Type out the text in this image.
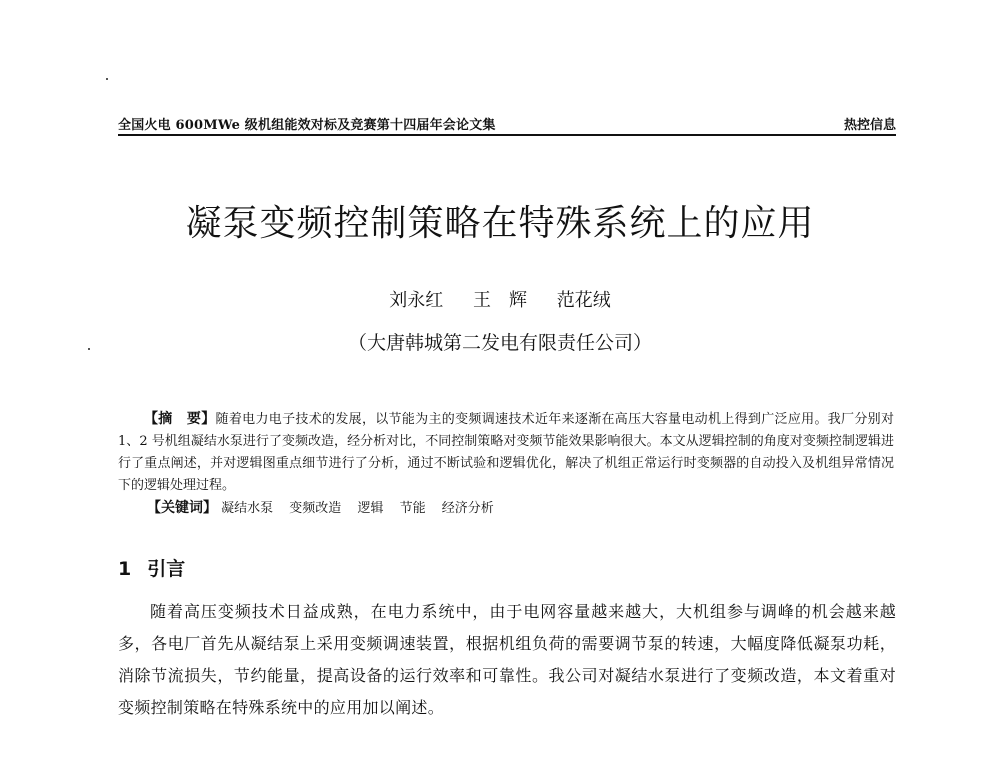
全国火电 600MWe 级机组能效对标及竞赛第十四届年会论文集	热控信息
凝泵变频控制策略在特殊系统上的应用
刘永红 王　辉 范花绒
（大唐韩城第二发电有限责任公司）
【摘　要】随着电力电子技术的发展，以节能为主的变频调速技术近年来逐渐在高压大容量电动机上得到广泛应用。我厂分别对 1、2 号机组凝结水泵进行了变频改造，经分析对比，不同控制策略对变频节能效果影响很大。本文从逻辑控制的角度对变频控制逻辑进行了重点阐述，并对逻辑图重点细节进行了分析，通过不断试验和逻辑优化，解决了机组正常运行时变频器的自动投入及机组异常情况下的逻辑处理过程。
【关键词】 凝结水泵 变频改造 逻辑 节能 经济分析
1 引言
随着高压变频技术日益成熟，在电力系统中，由于电网容量越来越大，大机组参与调峰的机会越来越多，各电厂首先从凝结泵上采用变频调速装置，根据机组负荷的需要调节泵的转速，大幅度降低凝泵功耗，消除节流损失，节约能量，提高设备的运行效率和可靠性。我公司对凝结水泵进行了变频改造，本文着重对变频控制策略在特殊系统中的应用加以阐述。
